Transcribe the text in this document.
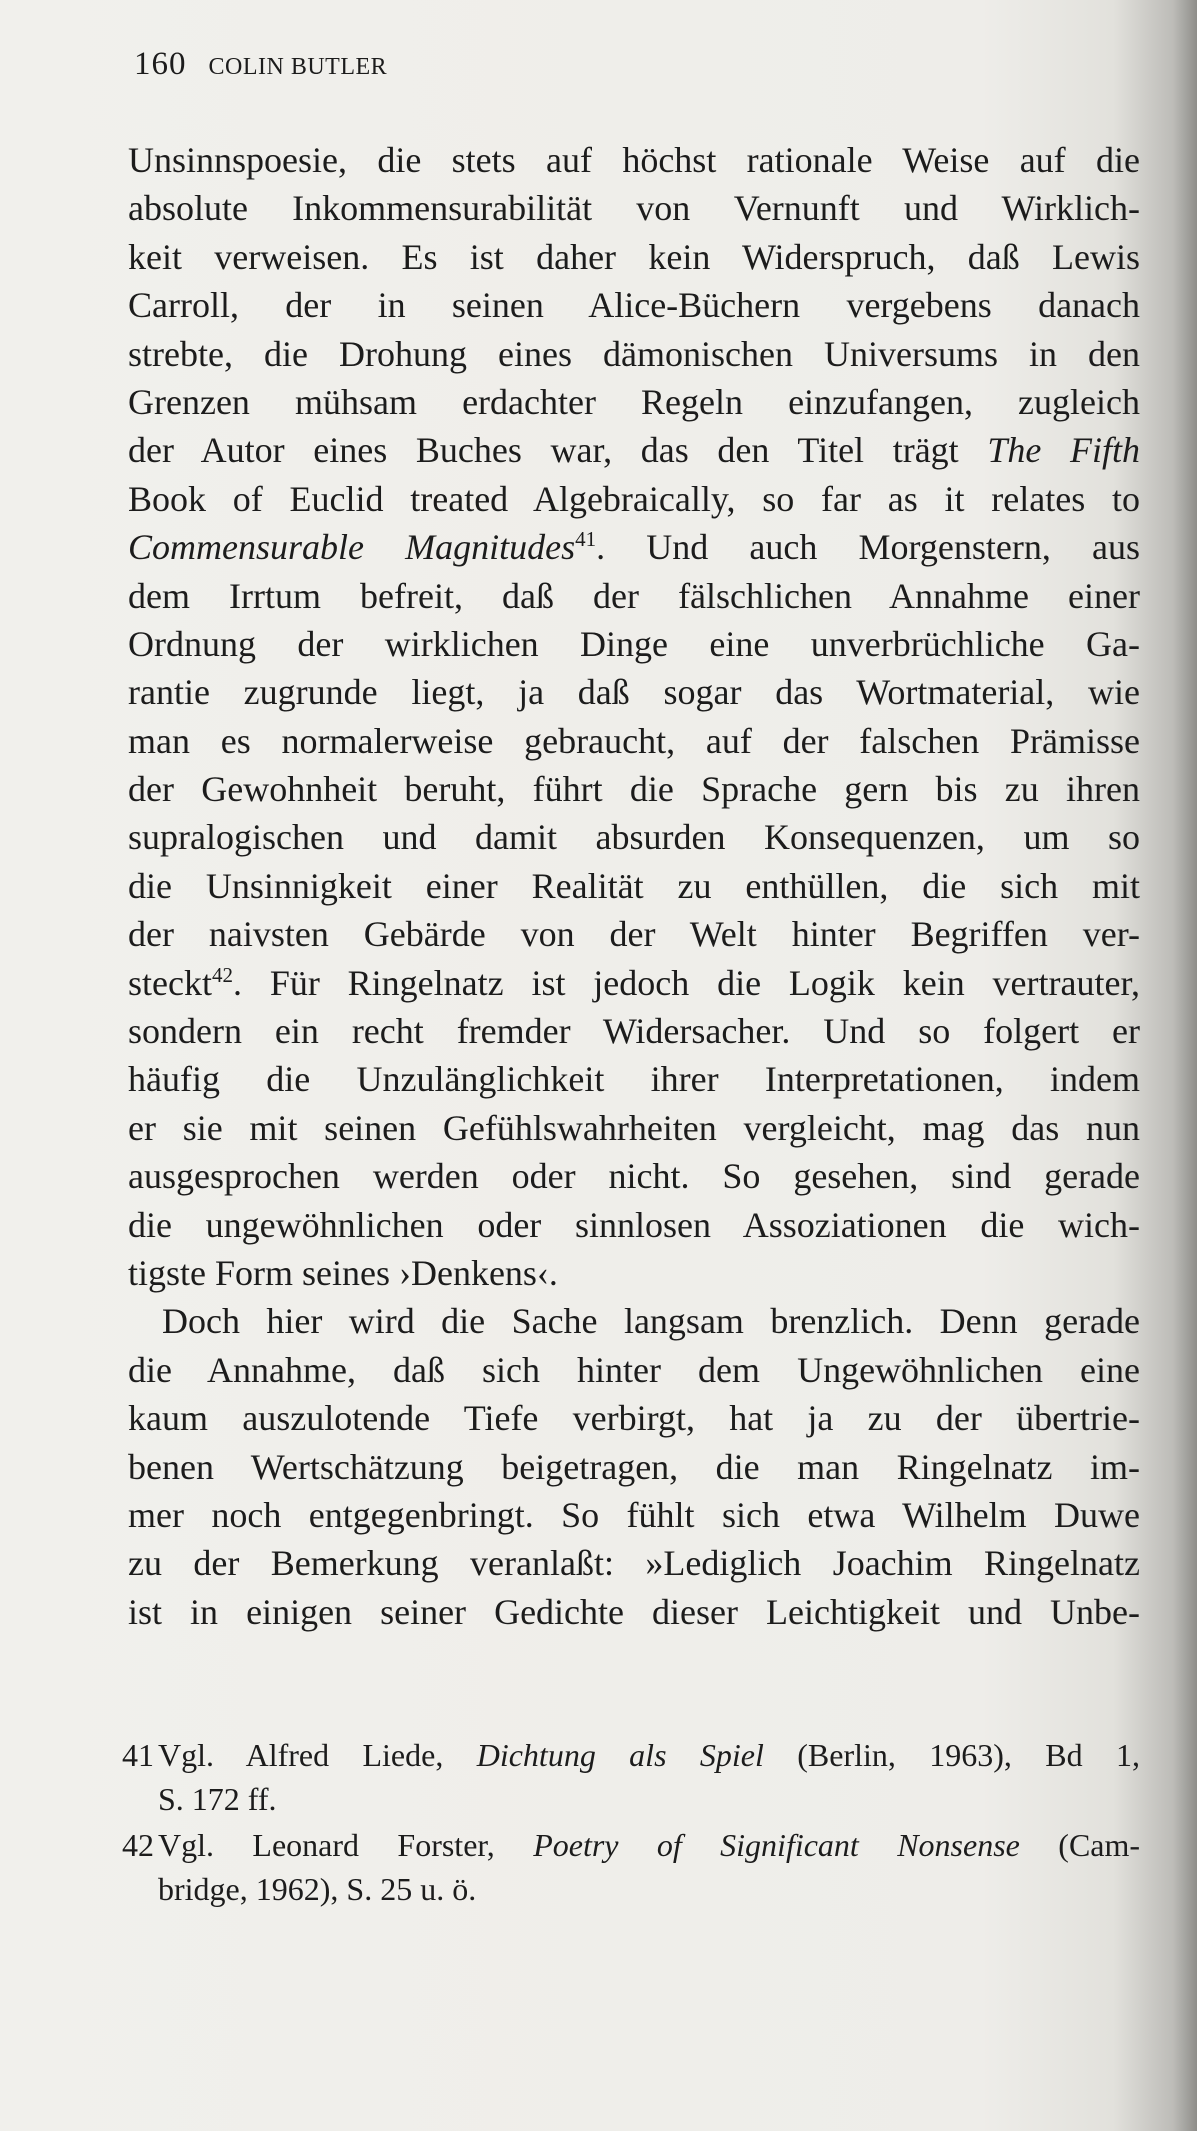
160 COLIN BUTLER
Unsinnspoesie, die stets auf höchst rationale Weise auf die
absolute Inkommensurabilität von Vernunft und Wirklich-
keit verweisen. Es ist daher kein Widerspruch, daß Lewis
Carroll, der in seinen Alice-Büchern vergebens danach
strebte, die Drohung eines dämonischen Universums in den
Grenzen mühsam erdachter Regeln einzufangen, zugleich
der Autor eines Buches war, das den Titel trägt The Fifth
Book of Euclid treated Algebraically, so far as it relates to
Commensurable Magnitudes$^{41}$. Und auch Morgenstern, aus
dem Irrtum befreit, daß der fälschlichen Annahme einer
Ordnung der wirklichen Dinge eine unverbrüchliche Ga-
rantie zugrunde liegt, ja daß sogar das Wortmaterial, wie
man es normalerweise gebraucht, auf der falschen Prämisse
der Gewohnheit beruht, führt die Sprache gern bis zu ihren
supralogischen und damit absurden Konsequenzen, um so
die Unsinnigkeit einer Realität zu enthüllen, die sich mit
der naivsten Gebärde von der Welt hinter Begriffen ver-
steckt$^{42}$. Für Ringelnatz ist jedoch die Logik kein vertrauter,
sondern ein recht fremder Widersacher. Und so folgert er
häufig die Unzulänglichkeit ihrer Interpretationen, indem
er sie mit seinen Gefühlswahrheiten vergleicht, mag das nun
ausgesprochen werden oder nicht. So gesehen, sind gerade
die ungewöhnlichen oder sinnlosen Assoziationen die wich-
tigste Form seines ›Denkens‹.
Doch hier wird die Sache langsam brenzlich. Denn gerade
die Annahme, daß sich hinter dem Ungewöhnlichen eine
kaum auszulotende Tiefe verbirgt, hat ja zu der übertrie-
benen Wertschätzung beigetragen, die man Ringelnatz im-
mer noch entgegenbringt. So fühlt sich etwa Wilhelm Duwe
zu der Bemerkung veranlaßt: »Lediglich Joachim Ringelnatz
ist in einigen seiner Gedichte dieser Leichtigkeit und Unbe-
41 Vgl. Alfred Liede, Dichtung als Spiel (Berlin, 1963), Bd 1,
S. 172 ff.
42 Vgl. Leonard Forster, Poetry of Significant Nonsense (Cam-
bridge, 1962), S. 25 u. ö.
